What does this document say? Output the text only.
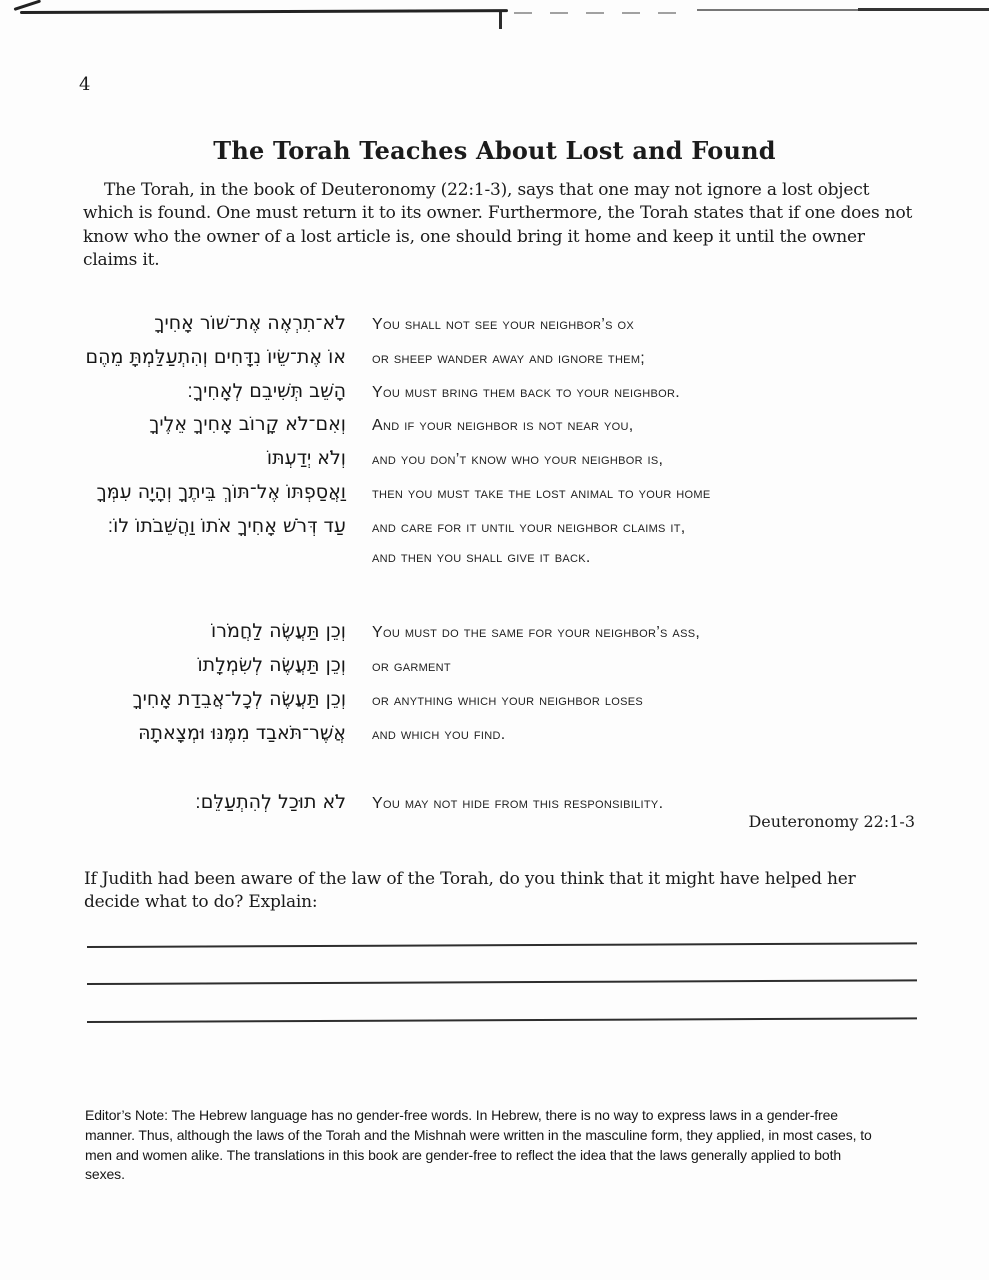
4
The Torah Teaches About Lost and Found
The Torah, in the book of Deuteronomy (22:1-3), says that one may not ignore a lost object
which is found. One must return it to its owner. Furthermore, the Torah states that if one does not
know who the owner of a lost article is, one should bring it home and keep it until the owner
claims it.
לֹא־תִרְאֶה אֶת־שׁוֹר אָחִיךָ You shall not see your neighbor’s ox
אוֹ אֶת־שֵׂיוֹ נִדָּחִים וְהִתְעַלַּמְתָּ מֵהֶם or sheep wander away and ignore them;
הָשֵׁב תְּשִׁיבֵם לְאָחִיךָ׃ You must bring them back to your neighbor.
וְאִם־לֹא קָרוֹב אָחִיךָ אֵלֶיךָ And if your neighbor is not near you,
וְלֹא יְדַעְתּוֹ and you don’t know who your neighbor is,
וַאֲסַפְתּוֹ אֶל־תּוֹךְ בֵּיתֶךָ וְהָיָה עִמְּךָ then you must take the lost animal to your home
עַד דְּרֹשׁ אָחִיךָ אֹתוֹ וַהֲשֵׁבֹתוֹ לוֹ׃ and care for it until your neighbor claims it,
and then you shall give it back.
וְכֵן תַּעֲשֶׂה לַחֲמֹרוֹ You must do the same for your neighbor’s ass,
וְכֵן תַּעֲשֶׂה לְשִׂמְלָתוֹ or garment
וְכֵן תַּעֲשֶׂה לְכָל־אֲבֵדַת אָחִיךָ or anything which your neighbor loses
אֲשֶׁר־תֹּאבַד מִמֶּנּוּ וּמְצָאתָהּ and which you find.
לֹא תוּכַל לְהִתְעַלֵּם׃ You may not hide from this responsibility.
Deuteronomy 22:1-3
If Judith had been aware of the law of the Torah, do you think that it might have helped her
decide what to do? Explain:
Editor’s Note: The Hebrew language has no gender-free words. In Hebrew, there is no way to express laws in a gender-free
manner. Thus, although the laws of the Torah and the Mishnah were written in the masculine form, they applied, in most cases, to
men and women alike. The translations in this book are gender-free to reflect the idea that the laws generally applied to both
sexes.
